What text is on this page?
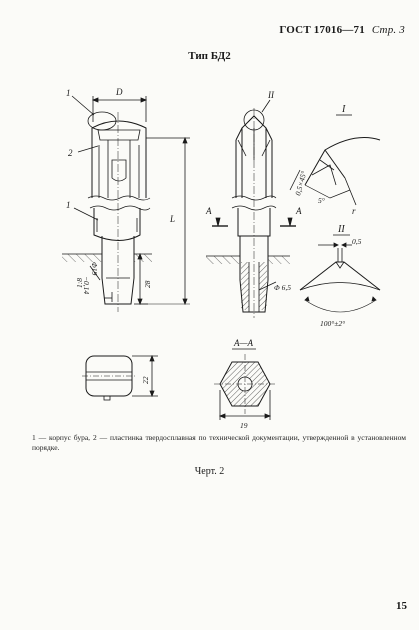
ГОСТ 17016—71 Стр. 3
Тип БД2
D
Φ19
−0,14
1:8	28
L
1
2
1
II
А	А
Φ 6,5
I
0,5×45°
5°
r
II
0,5
100°±2°
22
А—А
19
1 — корпус бура, 2 — пластинка твердосплавная по технической документации, утвержденной в установленном порядке.
Черт. 2
15
